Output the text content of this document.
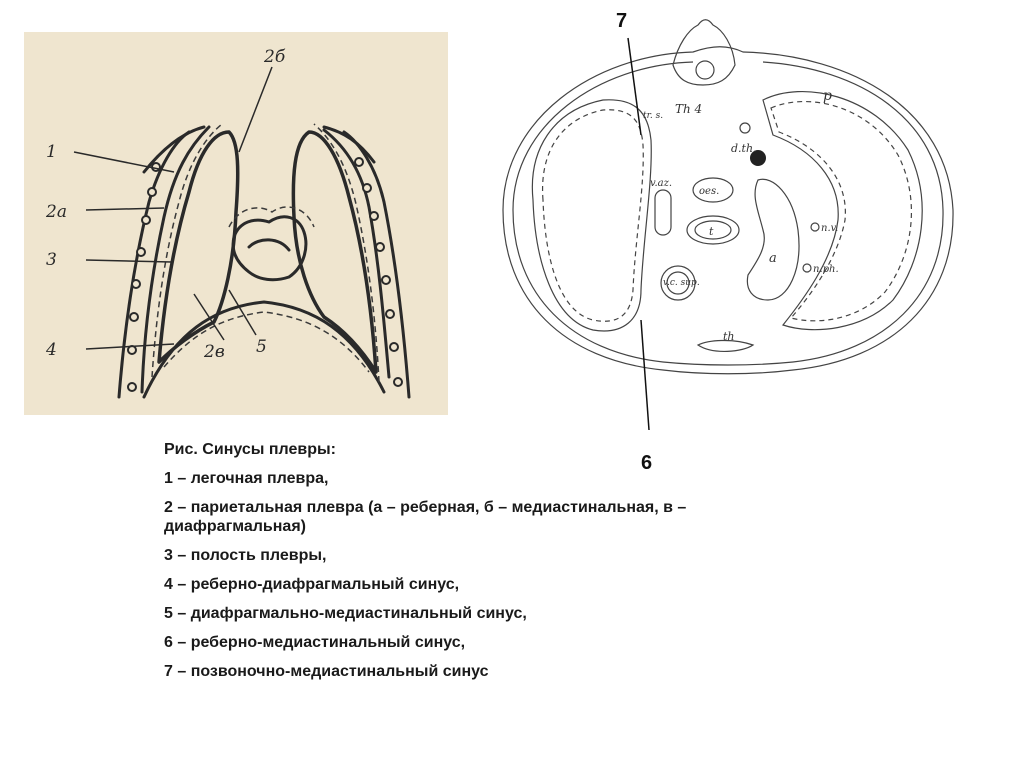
1
2а
3
4
2б
2в 5
Th 4
d.th.
v.az.
oes.
t
a
n.v.
n.ph.
v.c. sup.
th
p
tr. s.
7
6
Рис. Синусы плевры:
1 – легочная плевра,
2 – париетальная плевра (а – реберная, б – медиастинальная, в – диафрагмальная)
3 – полость плевры,
4 – реберно-диафрагмальный синус,
5 – диафрагмально-медиастинальный синус,
6 – реберно-медиастинальный синус,
7 – позвоночно-медиастинальный синус
